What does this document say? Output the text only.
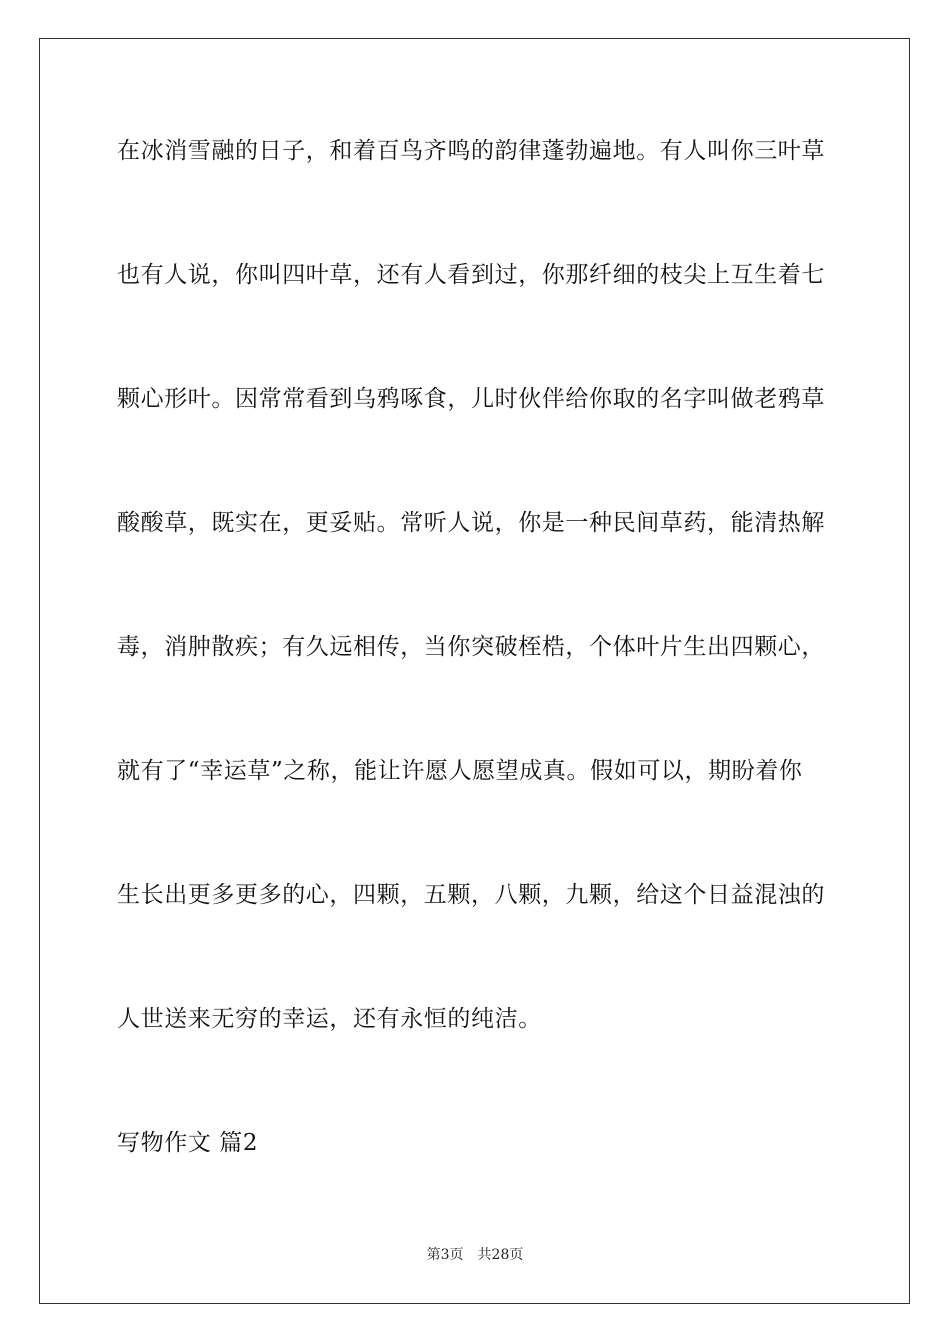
在冰消雪融的日子，和着百鸟齐鸣的韵律蓬勃遍地。有人叫你三叶草
也有人说，你叫四叶草，还有人看到过，你那纤细的枝尖上互生着七
颗心形叶。因常常看到乌鸦啄食，儿时伙伴给你取的名字叫做老鸦草
酸酸草，既实在，更妥贴。常听人说，你是一种民间草药，能清热解
毒，消肿散疾；有久远相传，当你突破桎梏，个体叶片生出四颗心，
就有了“幸运草”之称，能让许愿人愿望成真。假如可以，期盼着你
生长出更多更多的心，四颗，五颗，八颗，九颗，给这个日益混浊的
人世送来无穷的幸运，还有永恒的纯洁。
写物作文 篇2
第3页 共28页
